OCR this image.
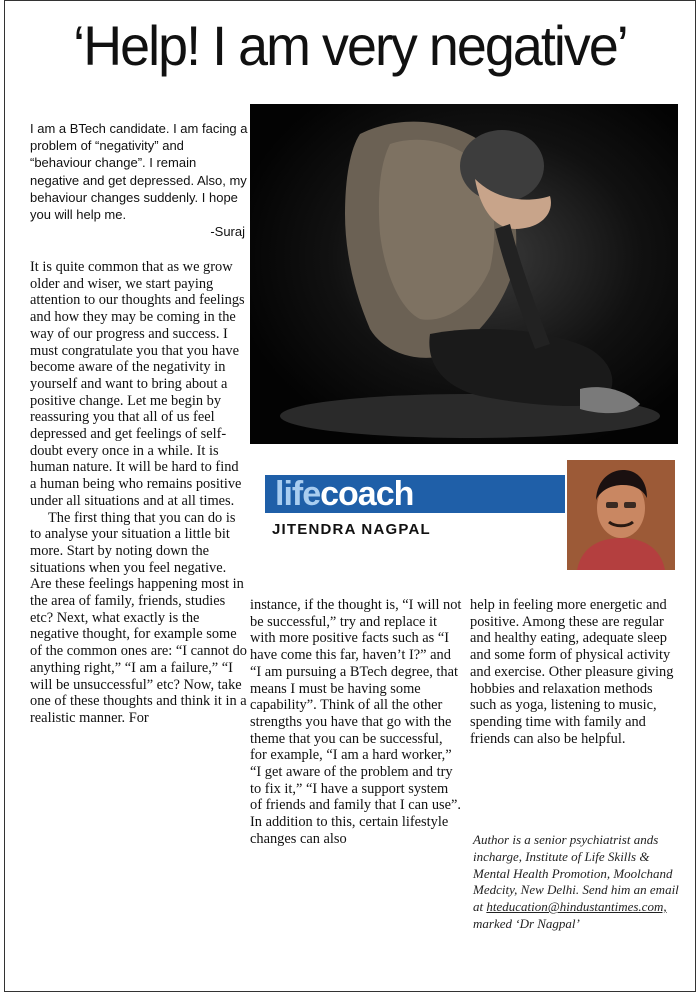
‘Help! I am very negative’

I am a BTech candidate. I am facing a problem of “negativity” and “behaviour change”. I remain negative and get depressed. Also, my behaviour changes suddenly. I hope you will help me.

-Suraj

It is quite common that as we grow older and wiser, we start paying attention to our thoughts and feelings and how they may be coming in the way of our progress and success. I must congratulate you that you have become aware of the negativity in yourself and want to bring about a positive change. Let me begin by reassuring you that all of us feel depressed and get feelings of self-doubt every once in a while. It is human nature. It will be hard to find a human being who remains positive under all situations and at all times.

The first thing that you can do is to analyse your situation a little bit more. Start by noting down the situations when you feel negative. Are these feelings happening most in the area of family, friends, studies etc? Next, what exactly is the negative thought, for example some of the common ones are: “I cannot do anything right,” “I am a failure,” “I will be unsuccessful” etc? Now, take one of these thoughts and think it in a realistic manner. For

lifecoach
JITENDRA NAGPAL

instance, if the thought is, “I will not be successful,” try and replace it with more positive facts such as “I have come this far, haven’t I?” and “I am pursuing a BTech degree, that means I must be having some capability”. Think of all the other strengths you have that go with the theme that you can be successful, for example, “I am a hard worker,” “I get aware of the problem and try to fix it,” “I have a support system of friends and family that I can use”. In addition to this, certain lifestyle changes can also

help in feeling more energetic and positive. Among these are regular and healthy eating, adequate sleep and some form of physical activity and exercise. Other pleasure giving hobbies and relaxation methods such as yoga, listening to music, spending time with family and friends can also be helpful.

Author is a senior psychiatrist ands incharge, Institute of Life Skills & Mental Health Promotion, Moolchand Medcity, New Delhi. Send him an email at hteducation@hindustantimes.com, marked ‘Dr Nagpal’
